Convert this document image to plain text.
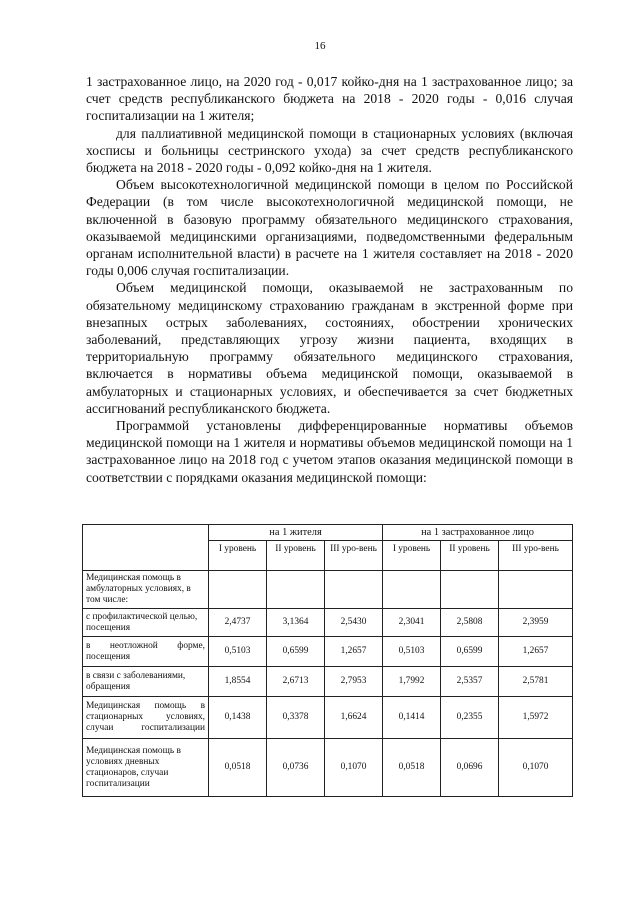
16

1 застрахованное лицо, на 2020 год - 0,017 койко-дня на 1 застрахованное лицо; за счет средств республиканского бюджета на 2018 - 2020 годы - 0,016 случая госпитализации на 1 жителя;

для паллиативной медицинской помощи в стационарных условиях (включая хосписы и больницы сестринского ухода) за счет средств республиканского бюджета на 2018 - 2020 годы - 0,092 койко-дня на 1 жителя.

Объем высокотехнологичной медицинской помощи в целом по Российской Федерации (в том числе высокотехнологичной медицинской помощи, не включенной в базовую программу обязательного медицинского страхования, оказываемой медицинскими организациями, подведомственными федеральным органам исполнительной власти) в расчете на 1 жителя составляет на 2018 - 2020 годы 0,006 случая госпитализации.

Объем медицинской помощи, оказываемой не застрахованным по обязательному медицинскому страхованию гражданам в экстренной форме при внезапных острых заболеваниях, состояниях, обострении хронических заболеваний, представляющих угрозу жизни пациента, входящих в территориальную программу обязательного медицинского страхования, включается в нормативы объема медицинской помощи, оказываемой в амбулаторных и стационарных условиях, и обеспечивается за счет бюджетных ассигнований республиканского бюджета.

Программой установлены дифференцированные нормативы объемов медицинской помощи на 1 жителя и нормативы объемов медицинской помощи на 1 застрахованное лицо на 2018 год с учетом этапов оказания медицинской помощи в соответствии с порядками оказания медицинской помощи:

	на 1 жителя			на 1 застрахованное лицо		
	I уровень	II уровень	III уро-вень	I уровень	II уровень	III уро-вень
Медицинская помощь в амбулаторных условиях, в том числе:						
с профилактической целью, посещения	2,4737	3,1364	2,5430	2,3041	2,5808	2,3959
в неотложной форме, посещения	0,5103	0,6599	1,2657	0,5103	0,6599	1,2657
в связи с заболеваниями, обращения	1,8554	2,6713	2,7953	1,7992	2,5357	2,5781
Медицинская помощь в стационарных условиях, случаи госпитализации	0,1438	0,3378	1,6624	0,1414	0,2355	1,5972
Медицинская помощь в условиях дневных стационаров, случаи госпитализации	0,0518	0,0736	0,1070	0,0518	0,0696	0,1070
